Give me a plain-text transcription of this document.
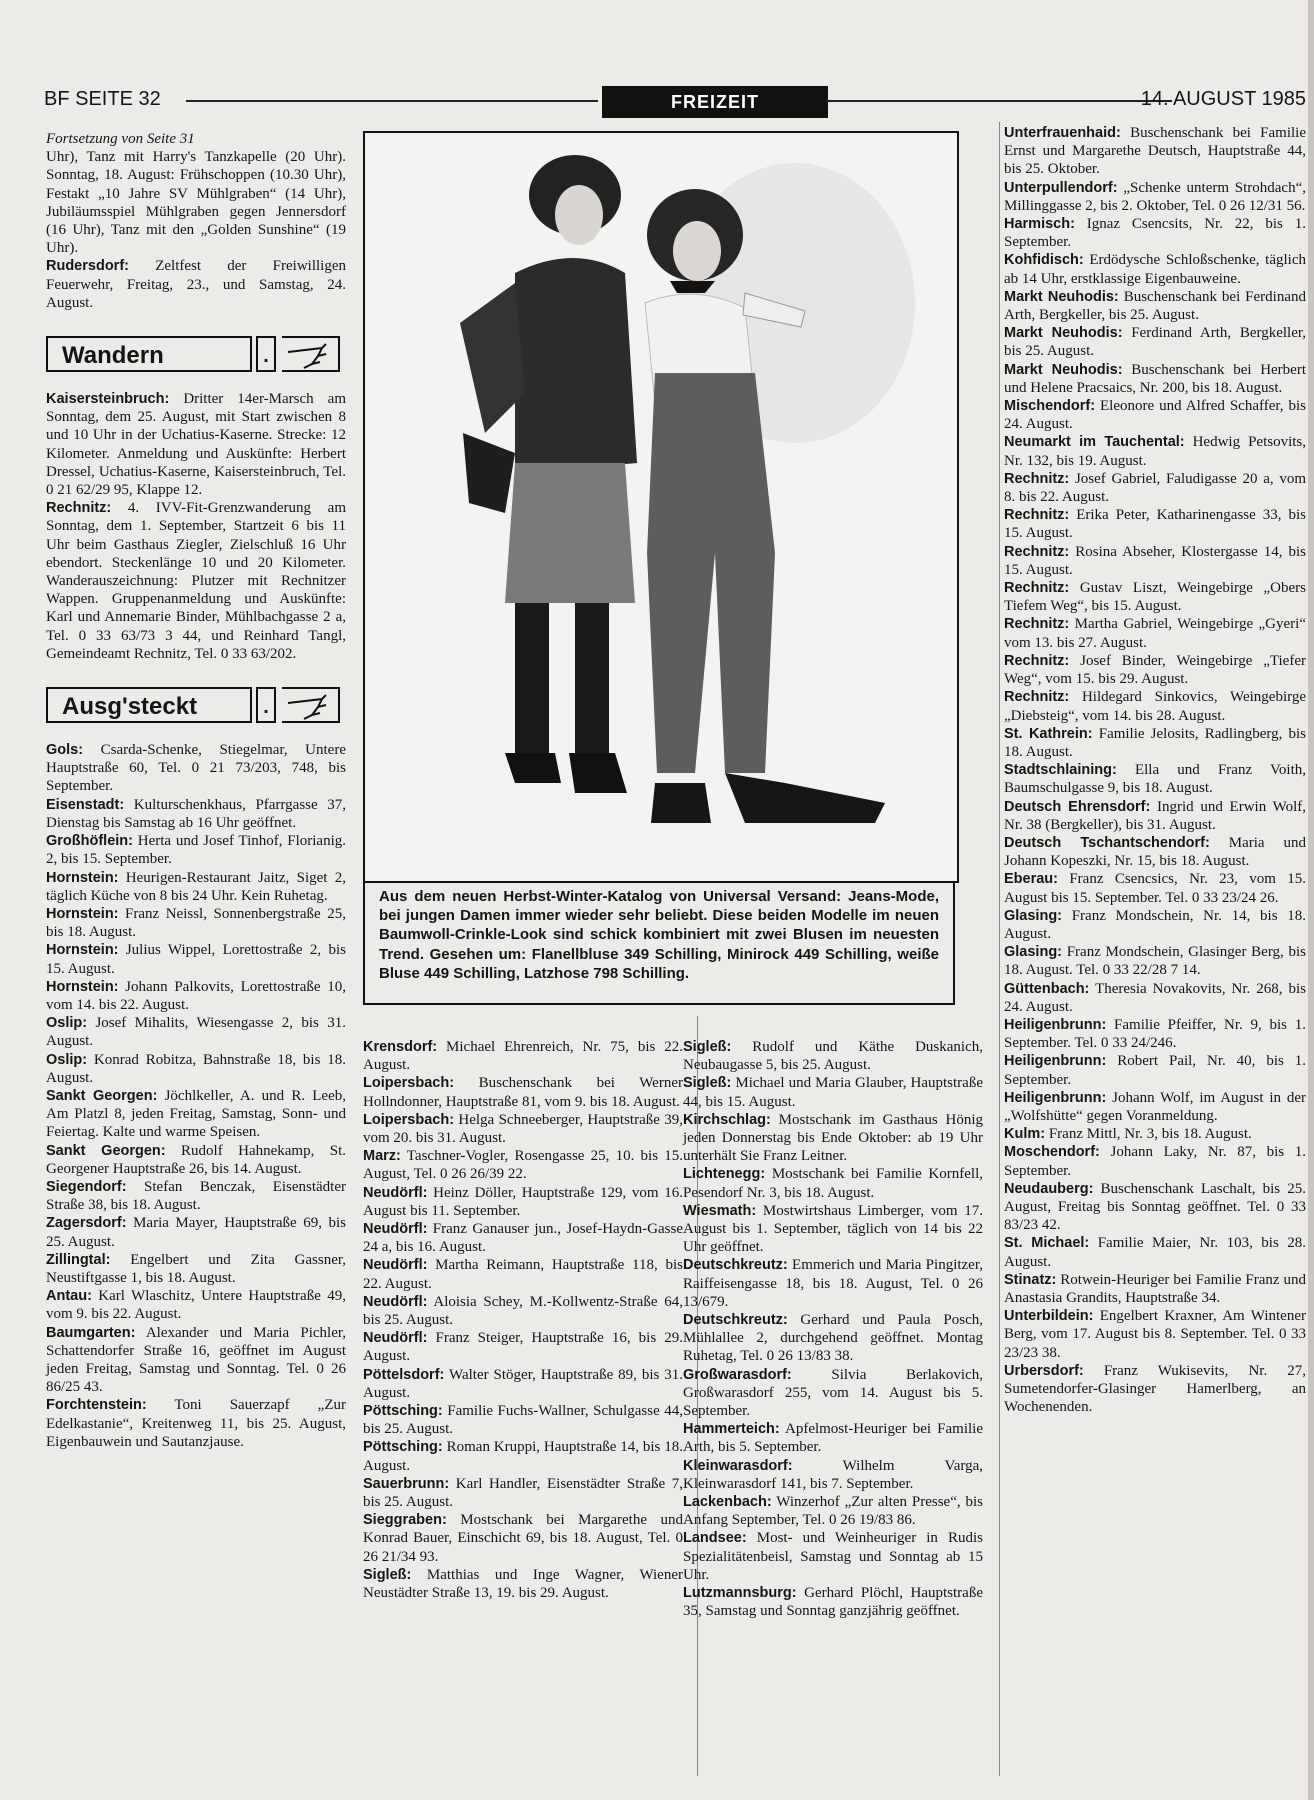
BF SEITE 32	FREIZEIT	14. AUGUST 1985

Fortsetzung von Seite 31

Uhr), Tanz mit Harry's Tanzkapelle (20 Uhr). Sonntag, 18. August: Frühschoppen (10.30 Uhr), Festakt „10 Jahre SV Mühlgraben“ (14 Uhr), Jubiläumsspiel Mühlgraben gegen Jennersdorf (16 Uhr), Tanz mit den „Golden Sunshine“ (19 Uhr).

Rudersdorf: Zeltfest der Freiwilligen Feuerwehr, Freitag, 23., und Samstag, 24. August.

Wandern	.

Kaisersteinbruch: Dritter 14er-Marsch am Sonntag, dem 25. August, mit Start zwischen 8 und 10 Uhr in der Uchatius-Kaserne. Strecke: 12 Kilometer. Anmeldung und Auskünfte: Herbert Dressel, Uchatius-Kaserne, Kaisersteinbruch, Tel. 0 21 62/29 95, Klappe 12.

Rechnitz: 4. IVV-Fit-Grenzwanderung am Sonntag, dem 1. September, Startzeit 6 bis 11 Uhr beim Gasthaus Ziegler, Zielschluß 16 Uhr ebendort. Steckenlänge 10 und 20 Kilometer. Wanderauszeichnung: Plutzer mit Rechnitzer Wappen. Gruppenanmeldung und Auskünfte: Karl und Annemarie Binder, Mühlbachgasse 2 a, Tel. 0 33 63/73 3 44, und Reinhard Tangl, Gemeindeamt Rechnitz, Tel. 0 33 63/202.

Ausg'steckt	.

Gols: Csarda-Schenke, Stiegelmar, Untere Hauptstraße 60, Tel. 0 21 73/203, 748, bis September.

Eisenstadt: Kulturschenkhaus, Pfarrgasse 37, Dienstag bis Samstag ab 16 Uhr geöffnet.

Großhöflein: Herta und Josef Tinhof, Florianig. 2, bis 15. September.

Hornstein: Heurigen-Restaurant Jaitz, Siget 2, täglich Küche von 8 bis 24 Uhr. Kein Ruhetag.

Hornstein: Franz Neissl, Sonnenbergstraße 25, bis 18. August.

Hornstein: Julius Wippel, Lorettostraße 2, bis 15. August.

Hornstein: Johann Palkovits, Lorettostraße 10, vom 14. bis 22. August.

Oslip: Josef Mihalits, Wiesengasse 2, bis 31. August.

Oslip: Konrad Robitza, Bahnstraße 18, bis 18. August.

Sankt Georgen: Jöchlkeller, A. und R. Leeb, Am Platzl 8, jeden Freitag, Samstag, Sonn- und Feiertag. Kalte und warme Speisen.

Sankt Georgen: Rudolf Hahnekamp, St. Georgener Hauptstraße 26, bis 14. August.

Siegendorf: Stefan Benczak, Eisenstädter Straße 38, bis 18. August.

Zagersdorf: Maria Mayer, Hauptstraße 69, bis 25. August.

Zillingtal: Engelbert und Zita Gassner, Neustiftgasse 1, bis 18. August.

Antau: Karl Wlaschitz, Untere Hauptstraße 49, vom 9. bis 22. August.

Baumgarten: Alexander und Maria Pichler, Schattendorfer Straße 16, geöffnet im August jeden Freitag, Samstag und Sonntag. Tel. 0 26 86/25 43.

Forchtenstein: Toni Sauerzapf „Zur Edelkastanie“, Kreitenweg 11, bis 25. August, Eigenbauwein und Sautanzjause.

Aus dem neuen Herbst-Winter-Katalog von Universal Versand: Jeans-Mode, bei jungen Damen immer wieder sehr beliebt. Diese beiden Modelle im neuen Baumwoll-Crinkle-Look sind schick kombiniert mit zwei Blusen im neuesten Trend. Gesehen um: Flanellbluse 349 Schilling, Minirock 449 Schilling, weiße Bluse 449 Schilling, Latzhose 798 Schilling.

Krensdorf: Michael Ehrenreich, Nr. 75, bis 22. August.

Loipersbach: Buschenschank bei Werner Hollndonner, Hauptstraße 81, vom 9. bis 18. August.

Loipersbach: Helga Schneeberger, Hauptstraße 39, vom 20. bis 31. August.

Marz: Taschner-Vogler, Rosengasse 25, 10. bis 15. August, Tel. 0 26 26/39 22.

Neudörfl: Heinz Döller, Hauptstraße 129, vom 16. August bis 11. September.

Neudörfl: Franz Ganauser jun., Josef-Haydn-Gasse 24 a, bis 16. August.

Neudörfl: Martha Reimann, Hauptstraße 118, bis 22. August.

Neudörfl: Aloisia Schey, M.-Kollwentz-Straße 64, bis 25. August.

Neudörfl: Franz Steiger, Hauptstraße 16, bis 29. August.

Pöttelsdorf: Walter Stöger, Hauptstraße 89, bis 31. August.

Pöttsching: Familie Fuchs-Wallner, Schulgasse 44, bis 25. August.

Pöttsching: Roman Kruppi, Hauptstraße 14, bis 18. August.

Sauerbrunn: Karl Handler, Eisenstädter Straße 7, bis 25. August.

Sieggraben: Mostschank bei Margarethe und Konrad Bauer, Einschicht 69, bis 18. August, Tel. 0 26 21/34 93.

Sigleß: Matthias und Inge Wagner, Wiener Neustädter Straße 13, 19. bis 29. August.

Sigleß: Rudolf und Käthe Duskanich, Neubaugasse 5, bis 25. August.

Sigleß: Michael und Maria Glauber, Hauptstraße 44, bis 15. August.

Kirchschlag: Mostschank im Gasthaus Hönig jeden Donnerstag bis Ende Oktober: ab 19 Uhr unterhält Sie Franz Leitner.

Lichtenegg: Mostschank bei Familie Kornfell, Pesendorf Nr. 3, bis 18. August.

Wiesmath: Mostwirtshaus Limberger, vom 17. August bis 1. September, täglich von 14 bis 22 Uhr geöffnet.

Deutschkreutz: Emmerich und Maria Pingitzer, Raiffeisengasse 18, bis 18. August, Tel. 0 26 13/679.

Deutschkreutz: Gerhard und Paula Posch, Mühlallee 2, durchgehend geöffnet. Montag Ruhetag, Tel. 0 26 13/83 38.

Großwarasdorf: Silvia Berlakovich, Großwarasdorf 255, vom 14. August bis 5. September.

Hammerteich: Apfelmost-Heuriger bei Familie Arth, bis 5. September.

Kleinwarasdorf: Wilhelm Varga, Kleinwarasdorf 141, bis 7. September.

Lackenbach: Winzerhof „Zur alten Presse“, bis Anfang September, Tel. 0 26 19/83 86.

Landsee: Most- und Weinheuriger in Rudis Spezialitätenbeisl, Samstag und Sonntag ab 15 Uhr.

Lutzmannsburg: Gerhard Plöchl, Hauptstraße 35, Samstag und Sonntag ganzjährig geöffnet.

Unterfrauenhaid: Buschenschank bei Familie Ernst und Margarethe Deutsch, Hauptstraße 44, bis 25. Oktober.

Unterpullendorf: „Schenke unterm Strohdach“, Millinggasse 2, bis 2. Oktober, Tel. 0 26 12/31 56.

Harmisch: Ignaz Csencsits, Nr. 22, bis 1. September.

Kohfidisch: Erdödysche Schloßschenke, täglich ab 14 Uhr, erstklassige Eigenbauweine.

Markt Neuhodis: Buschenschank bei Ferdinand Arth, Bergkeller, bis 25. August.

Markt Neuhodis: Ferdinand Arth, Bergkeller, bis 25. August.

Markt Neuhodis: Buschenschank bei Herbert und Helene Pracsaics, Nr. 200, bis 18. August.

Mischendorf: Eleonore und Alfred Schaffer, bis 24. August.

Neumarkt im Tauchental: Hedwig Petsovits, Nr. 132, bis 19. August.

Rechnitz: Josef Gabriel, Faludigasse 20 a, vom 8. bis 22. August.

Rechnitz: Erika Peter, Katharinengasse 33, bis 15. August.

Rechnitz: Rosina Abseher, Klostergasse 14, bis 15. August.

Rechnitz: Gustav Liszt, Weingebirge „Obers Tiefem Weg“, bis 15. August.

Rechnitz: Martha Gabriel, Weingebirge „Gyeri“ vom 13. bis 27. August.

Rechnitz: Josef Binder, Weingebirge „Tiefer Weg“, vom 15. bis 29. August.

Rechnitz: Hildegard Sinkovics, Weingebirge „Diebsteig“, vom 14. bis 28. August.

St. Kathrein: Familie Jelosits, Radlingberg, bis 18. August.

Stadtschlaining: Ella und Franz Voith, Baumschulgasse 9, bis 18. August.

Deutsch Ehrensdorf: Ingrid und Erwin Wolf, Nr. 38 (Bergkeller), bis 31. August.

Deutsch Tschantschendorf: Maria und Johann Kopeszki, Nr. 15, bis 18. August.

Eberau: Franz Csencsics, Nr. 23, vom 15. August bis 15. September. Tel. 0 33 23/24 26.

Glasing: Franz Mondschein, Nr. 14, bis 18. August.

Glasing: Franz Mondschein, Glasinger Berg, bis 18. August. Tel. 0 33 22/28 7 14.

Güttenbach: Theresia Novakovits, Nr. 268, bis 24. August.

Heiligenbrunn: Familie Pfeiffer, Nr. 9, bis 1. September. Tel. 0 33 24/246.

Heiligenbrunn: Robert Pail, Nr. 40, bis 1. September.

Heiligenbrunn: Johann Wolf, im August in der „Wolfshütte“ gegen Voranmeldung.

Kulm: Franz Mittl, Nr. 3, bis 18. August.

Moschendorf: Johann Laky, Nr. 87, bis 1. September.

Neudauberg: Buschenschank Laschalt, bis 25. August, Freitag bis Sonntag geöffnet. Tel. 0 33 83/23 42.

St. Michael: Familie Maier, Nr. 103, bis 28. August.

Stinatz: Rotwein-Heuriger bei Familie Franz und Anastasia Grandits, Hauptstraße 34.

Unterbildein: Engelbert Kraxner, Am Wintener Berg, vom 17. August bis 8. September. Tel. 0 33 23/23 38.

Urbersdorf: Franz Wukisevits, Nr. 27, Sumetendorfer-Glasinger Hamerlberg, an Wochenenden.
